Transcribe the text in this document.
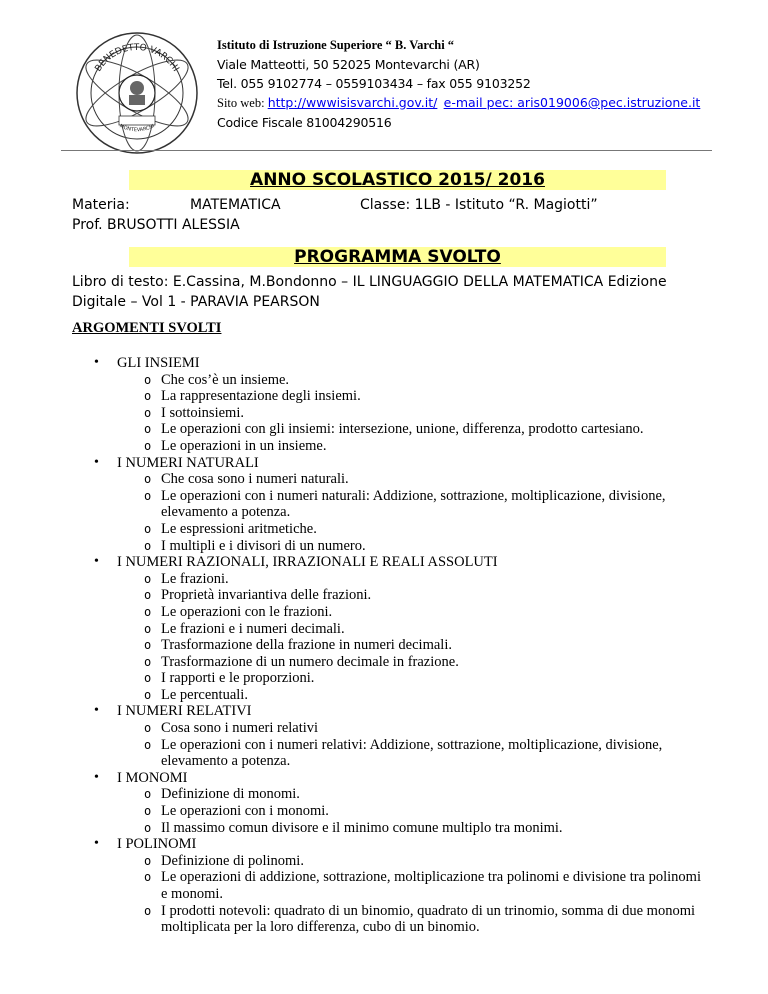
BENEDETTO VARCHI
MONTEVARCHI
Istituto di Istruzione Superiore “ B. Varchi “
Viale Matteotti, 50 52025 Montevarchi (AR)
Tel. 055 9102774 – 0559103434 – fax 055 9103252
Sito web: http://wwwisisvarchi.gov.it/ e-mail pec: aris019006@pec.istruzione.it
Codice Fiscale 81004290516
ANNO SCOLASTICO 2015/ 2016
Materia:	MATEMATICA	Classe: 1LB - Istituto “R. Magiotti”
Prof. BRUSOTTI ALESSIA
PROGRAMMA SVOLTO
Libro di testo: E.Cassina, M.Bondonno – IL LINGUAGGIO DELLA MATEMATICA Edizione Digitale – Vol 1 - PARAVIA PEARSON
ARGOMENTI SVOLTI
• GLI INSIEMI
o Che cos’è un insieme.
o La rappresentazione degli insiemi.
o I sottoinsiemi.
o Le operazioni con gli insiemi: intersezione, unione, differenza, prodotto cartesiano.
o Le operazioni in un insieme.
• I NUMERI NATURALI
o Che cosa sono i numeri naturali.
o Le operazioni con i numeri naturali: Addizione, sottrazione, moltiplicazione, divisione, elevamento a potenza.
o Le espressioni aritmetiche.
o I multipli e i divisori di un numero.
• I NUMERI RAZIONALI, IRRAZIONALI E REALI ASSOLUTI
o Le frazioni.
o Proprietà invariantiva delle frazioni.
o Le operazioni con le frazioni.
o Le frazioni e i numeri decimali.
o Trasformazione della frazione in numeri decimali.
o Trasformazione di un numero decimale in frazione.
o I rapporti e le proporzioni.
o Le percentuali.
• I NUMERI RELATIVI
o Cosa sono i numeri relativi
o Le operazioni con i numeri relativi: Addizione, sottrazione, moltiplicazione, divisione, elevamento a potenza.
• I MONOMI
o Definizione di monomi.
o Le operazioni con i monomi.
o Il massimo comun divisore e il minimo comune multiplo tra monimi.
• I POLINOMI
o Definizione di polinomi.
o Le operazioni di addizione, sottrazione, moltiplicazione tra polinomi e divisione tra polinomi e monomi.
o I prodotti notevoli: quadrato di un binomio, quadrato di un trinomio, somma di due monomi moltiplicata per la loro differenza, cubo di un binomio.
